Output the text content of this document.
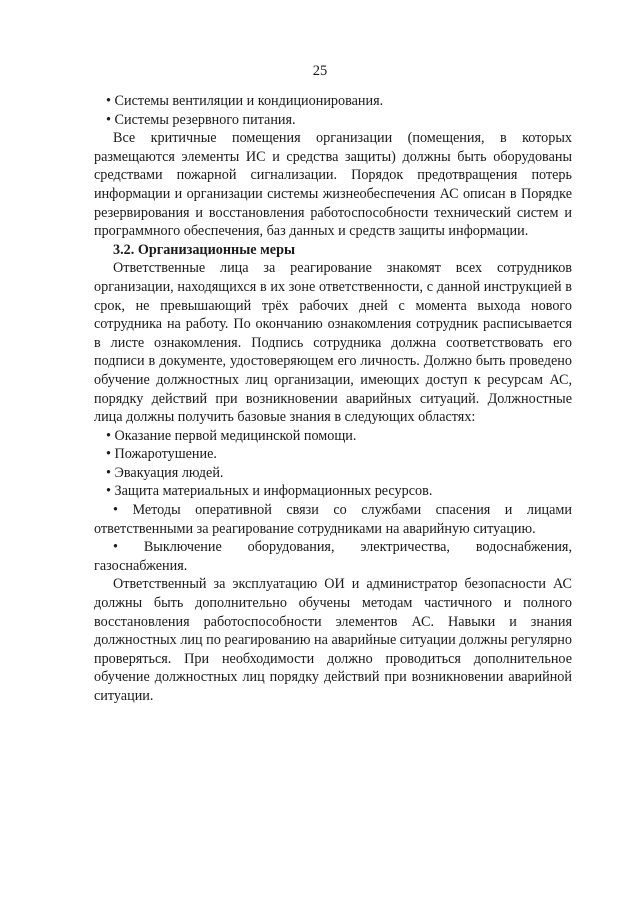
25

• Системы вентиляции и кондиционирования.

• Системы резервного питания.

Все критичные помещения организации (помещения, в которых размещаются элементы ИС и средства защиты) должны быть оборудованы средствами пожарной сигнализации. Порядок предотвращения потерь информации и организации системы жизнеобеспечения АС описан в Порядке резервирования и восстановления работоспособности технический систем и программного обеспечения, баз данных и средств защиты информации.

3.2. Организационные меры

Ответственные лица за реагирование знакомят всех сотрудников организации, находящихся в их зоне ответственности, с данной инструкцией в срок, не превышающий трёх рабочих дней с момента выхода нового сотрудника на работу. По окончанию ознакомления сотрудник расписывается в листе ознакомления. Подпись сотрудника должна соответствовать его подписи в документе, удостоверяющем его личность. Должно быть проведено обучение должностных лиц организации, имеющих доступ к ресурсам АС, порядку действий при возникновении аварийных ситуаций. Должностные лица должны получить базовые знания в следующих областях:

• Оказание первой медицинской помощи.

• Пожаротушение.

• Эвакуация людей.

• Защита материальных и информационных ресурсов.

• Методы оперативной связи со службами спасения и лицами ответственными за реагирование сотрудниками на аварийную ситуацию.

• Выключение оборудования, электричества, водоснабжения, газоснабжения.

Ответственный за эксплуатацию ОИ и администратор безопасности АС должны быть дополнительно обучены методам частичного и полного восстановления работоспособности элементов АС. Навыки и знания должностных лиц по реагированию на аварийные ситуации должны регулярно проверяться. При необходимости должно проводиться дополнительное обучение должностных лиц порядку действий при возникновении аварийной ситуации.
